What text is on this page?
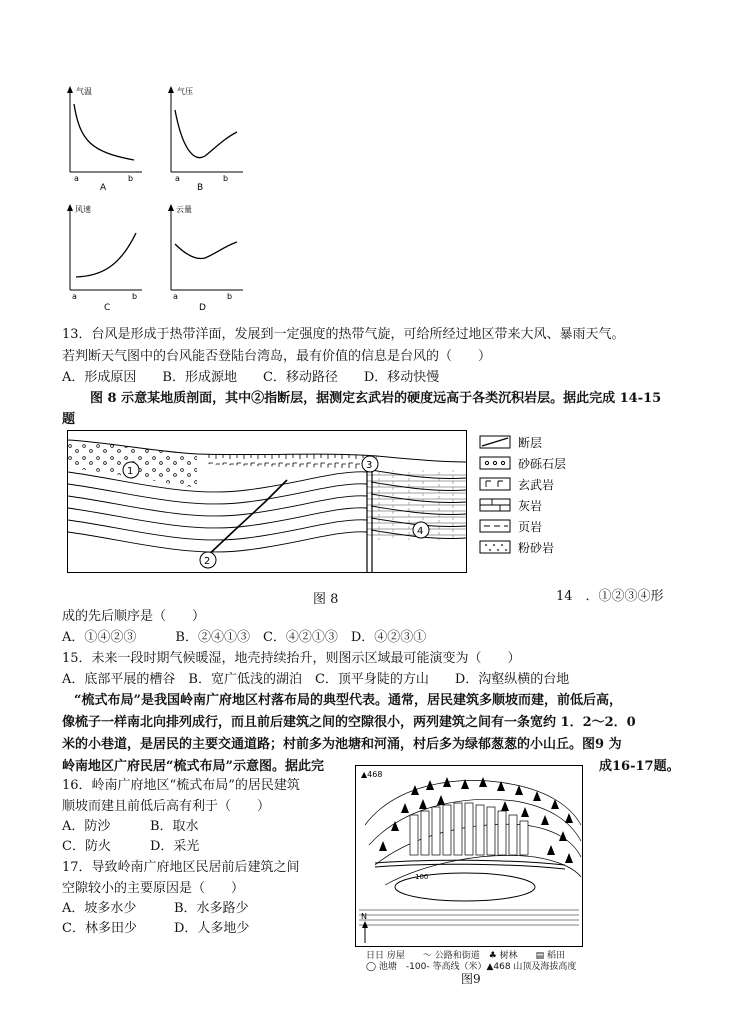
气温
a	b
A
气压
a	b
B
风速
a	b
C
云量
a	b
D
13．台风是形成于热带洋面，发展到一定强度的热带气旋，可给所经过地区带来大风、暴雨天气。
若判断天气图中的台风能否登陆台湾岛，最有价值的信息是台风的（　　）
A．形成原因　　B．形成源地　　C．移动路径　　D．移动快慢
图 8 示意某地质剖面，其中②指断层，据测定玄武岩的硬度远高于各类沉积岩层。据此完成 14-15
题
1
2
3
4
断层
砂砾石层
玄武岩
灰岩
页岩
粉砂岩
图 8	14　．①②③④形
成的先后顺序是（　　）
A．①④②③　　　B．②④①③　C．④②①③　D．④②③①
15．未来一段时期气候暖湿，地壳持续抬升，则图示区域最可能演变为（　　）
A．底部平展的槽谷　B．宽广低浅的湖泊　C．顶平身陡的方山　　D．沟壑纵横的台地
“梳式布局”是我国岭南广府地区村落布局的典型代表。通常，居民建筑多顺坡而建，前低后高，
像梳子一样南北向排列成行，而且前后建筑之间的空隙很小，两列建筑之间有一条宽约 1．2～2．0
米的小巷道，是居民的主要交通道路；村前多为池塘和河涌，村后多为绿郁葱葱的小山丘。图9 为
岭南地区广府民居“梳式布局”示意图。据此完	成16-17题。
16．岭南广府地区“梳式布局”的居民建筑
顺坡而建且前低后高有利于（　　）
A．防沙	B．取水
C．防火	D．采光
17．导致岭南广府地区民居前后建筑之间
空隙较小的主要原因是（　　）
A．坡多水少	B．水多路少
C．林多田少	D．人多地少
N
▲468
100
日日 房屋　　～ 公路和街道　♣ 树林　　▤ 稻田
◯ 池塘　-100- 等高线（米）▲468 山顶及海拔高度
图9
